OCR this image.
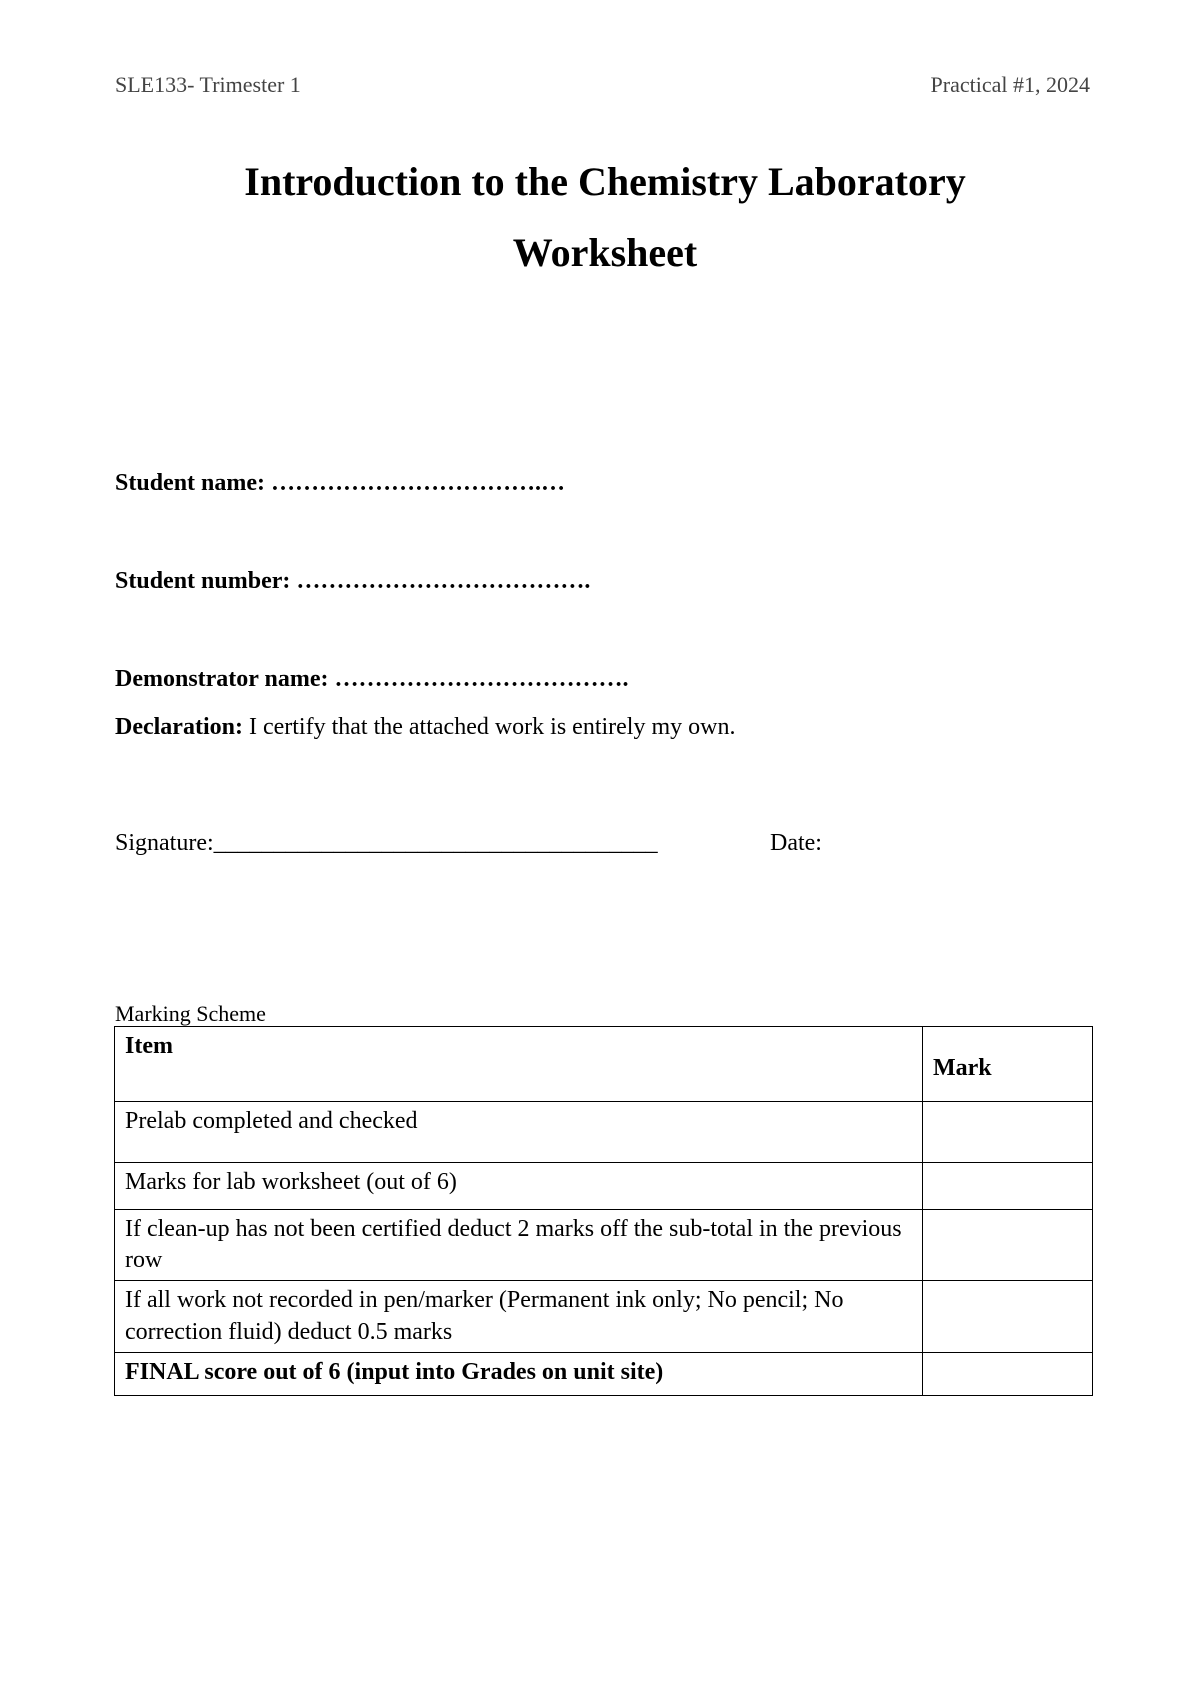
SLE133- Trimester 1	Practical #1, 2024
Introduction to the Chemistry Laboratory
Worksheet
Student name: …………………………….…
Student number: ……………………………….
Demonstrator name: ……………………………….
Declaration: I certify that the attached work is entirely my own.
Signature:_____________________________________	Date:
Marking Scheme
Item	Mark
Prelab completed and checked	
Marks for lab worksheet (out of 6)	
If clean-up has not been certified deduct 2 marks off the sub-total in the previous row	
If all work not recorded in pen/marker (Permanent ink only; No pencil; No correction fluid) deduct 0.5 marks	
FINAL score out of 6 (input into Grades on unit site)	
